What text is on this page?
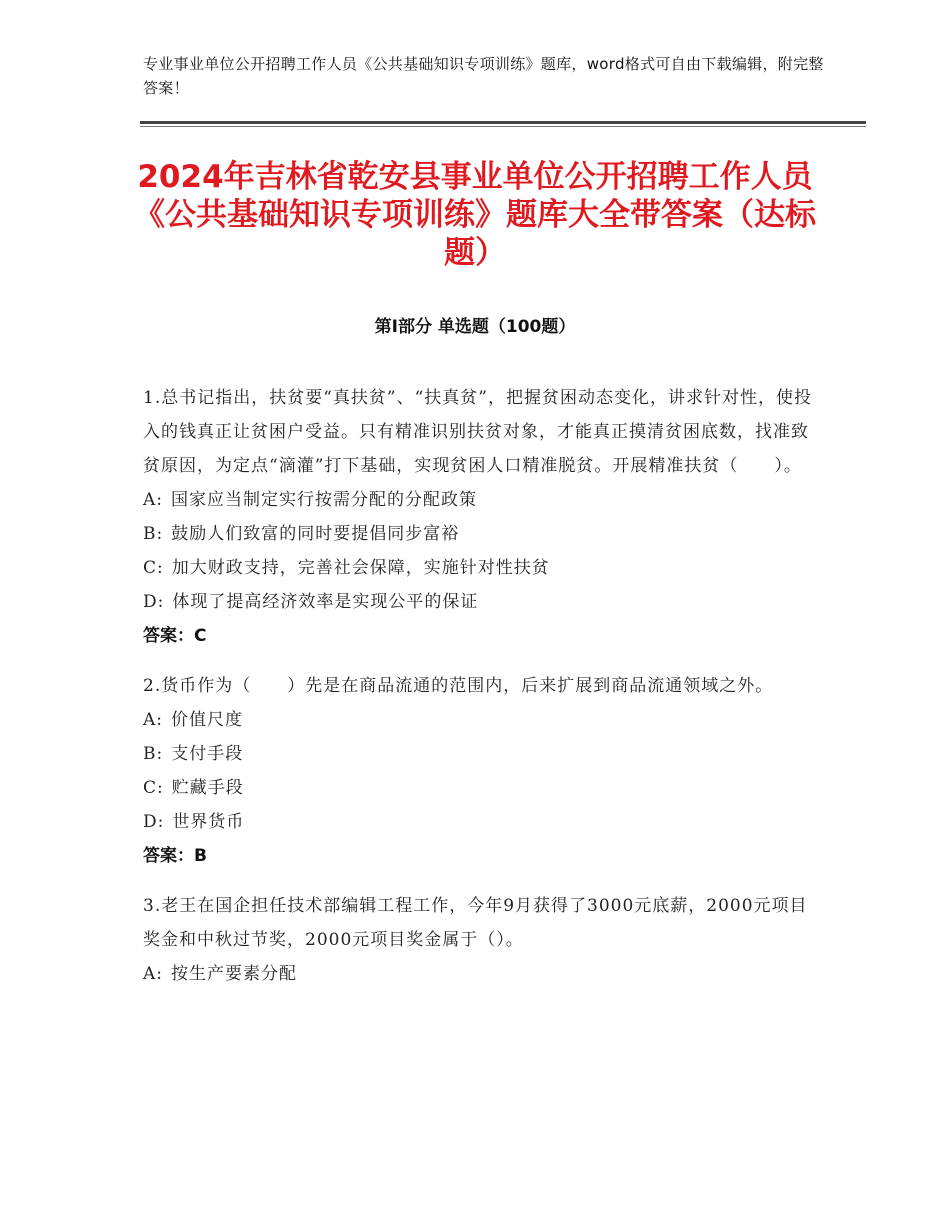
专业事业单位公开招聘工作人员《公共基础知识专项训练》题库，word格式可自由下载编辑，附完整答案！
2024年吉林省乾安县事业单位公开招聘工作人员《公共基础知识专项训练》题库大全带答案（达标题）
第Ⅰ部分 单选题（100题）
1.总书记指出，扶贫要“真扶贫”、“扶真贫”，把握贫困动态变化，讲求针对性，使投入的钱真正让贫困户受益。只有精准识别扶贫对象，才能真正摸清贫困底数，找准致贫原因，为定点“滴灌”打下基础，实现贫困人口精准脱贫。开展精准扶贫（　　）。
A: 国家应当制定实行按需分配的分配政策
B: 鼓励人们致富的同时要提倡同步富裕
C: 加大财政支持，完善社会保障，实施针对性扶贫
D: 体现了提高经济效率是实现公平的保证
答案：C
2.货币作为（　　）先是在商品流通的范围内，后来扩展到商品流通领域之外。
A: 价值尺度
B: 支付手段
C: 贮藏手段
D: 世界货币
答案：B
3.老王在国企担任技术部编辑工程工作，今年9月获得了3000元底薪，2000元项目奖金和中秋过节奖，2000元项目奖金属于（）。
A: 按生产要素分配
